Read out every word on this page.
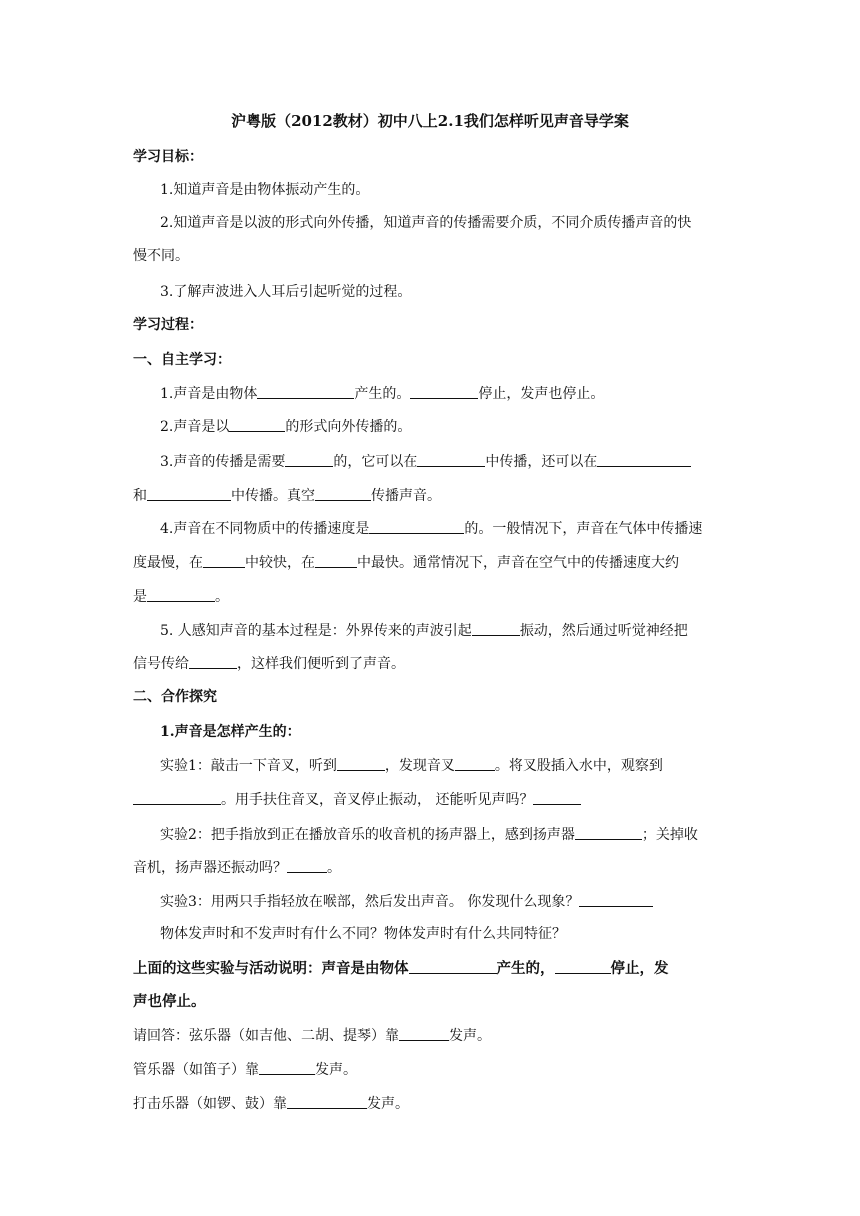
沪粤版（2012教材）初中八上2.1我们怎样听见声音导学案
学习目标：
1.知道声音是由物体振动产生的。
2.知道声音是以波的形式向外传播，知道声音的传播需要介质，不同介质传播声音的快
慢不同。
3.了解声波进入人耳后引起听觉的过程。
学习过程：
一、自主学习：
1.声音是由物体	产生的。	停止，发声也停止。
2.声音是以	的形式向外传播的。
3.声音的传播是需要	的，它可以在	中传播，还可以在
和	中传播。真空	传播声音。
4.声音在不同物质中的传播速度是	的。一般情况下，声音在气体中传播速
度最慢，在	中较快，在	中最快。通常情况下，声音在空气中的传播速度大约
是	。
5. 人感知声音的基本过程是：外界传来的声波引起	振动，然后通过听觉神经把
信号传给	，这样我们便听到了声音。
二、合作探究
1.声音是怎样产生的：
实验1：敲击一下音叉，听到	，发现音叉	。将叉股插入水中，观察到
。用手扶住音叉，音叉停止振动， 还能听见声吗？
实验2：把手指放到正在播放音乐的收音机的扬声器上，感到扬声器	；关掉收
音机，扬声器还振动吗？	。
实验3：用两只手指轻放在喉部，然后发出声音。 你发现什么现象？
物体发声时和不发声时有什么不同？物体发声时有什么共同特征？
上面的这些实验与活动说明：声音是由物体	产生的，	停止，发
声也停止。
请回答：弦乐器（如吉他、二胡、提琴）靠	发声。
管乐器（如笛子）靠	发声。
打击乐器（如锣、鼓）靠	发声。
